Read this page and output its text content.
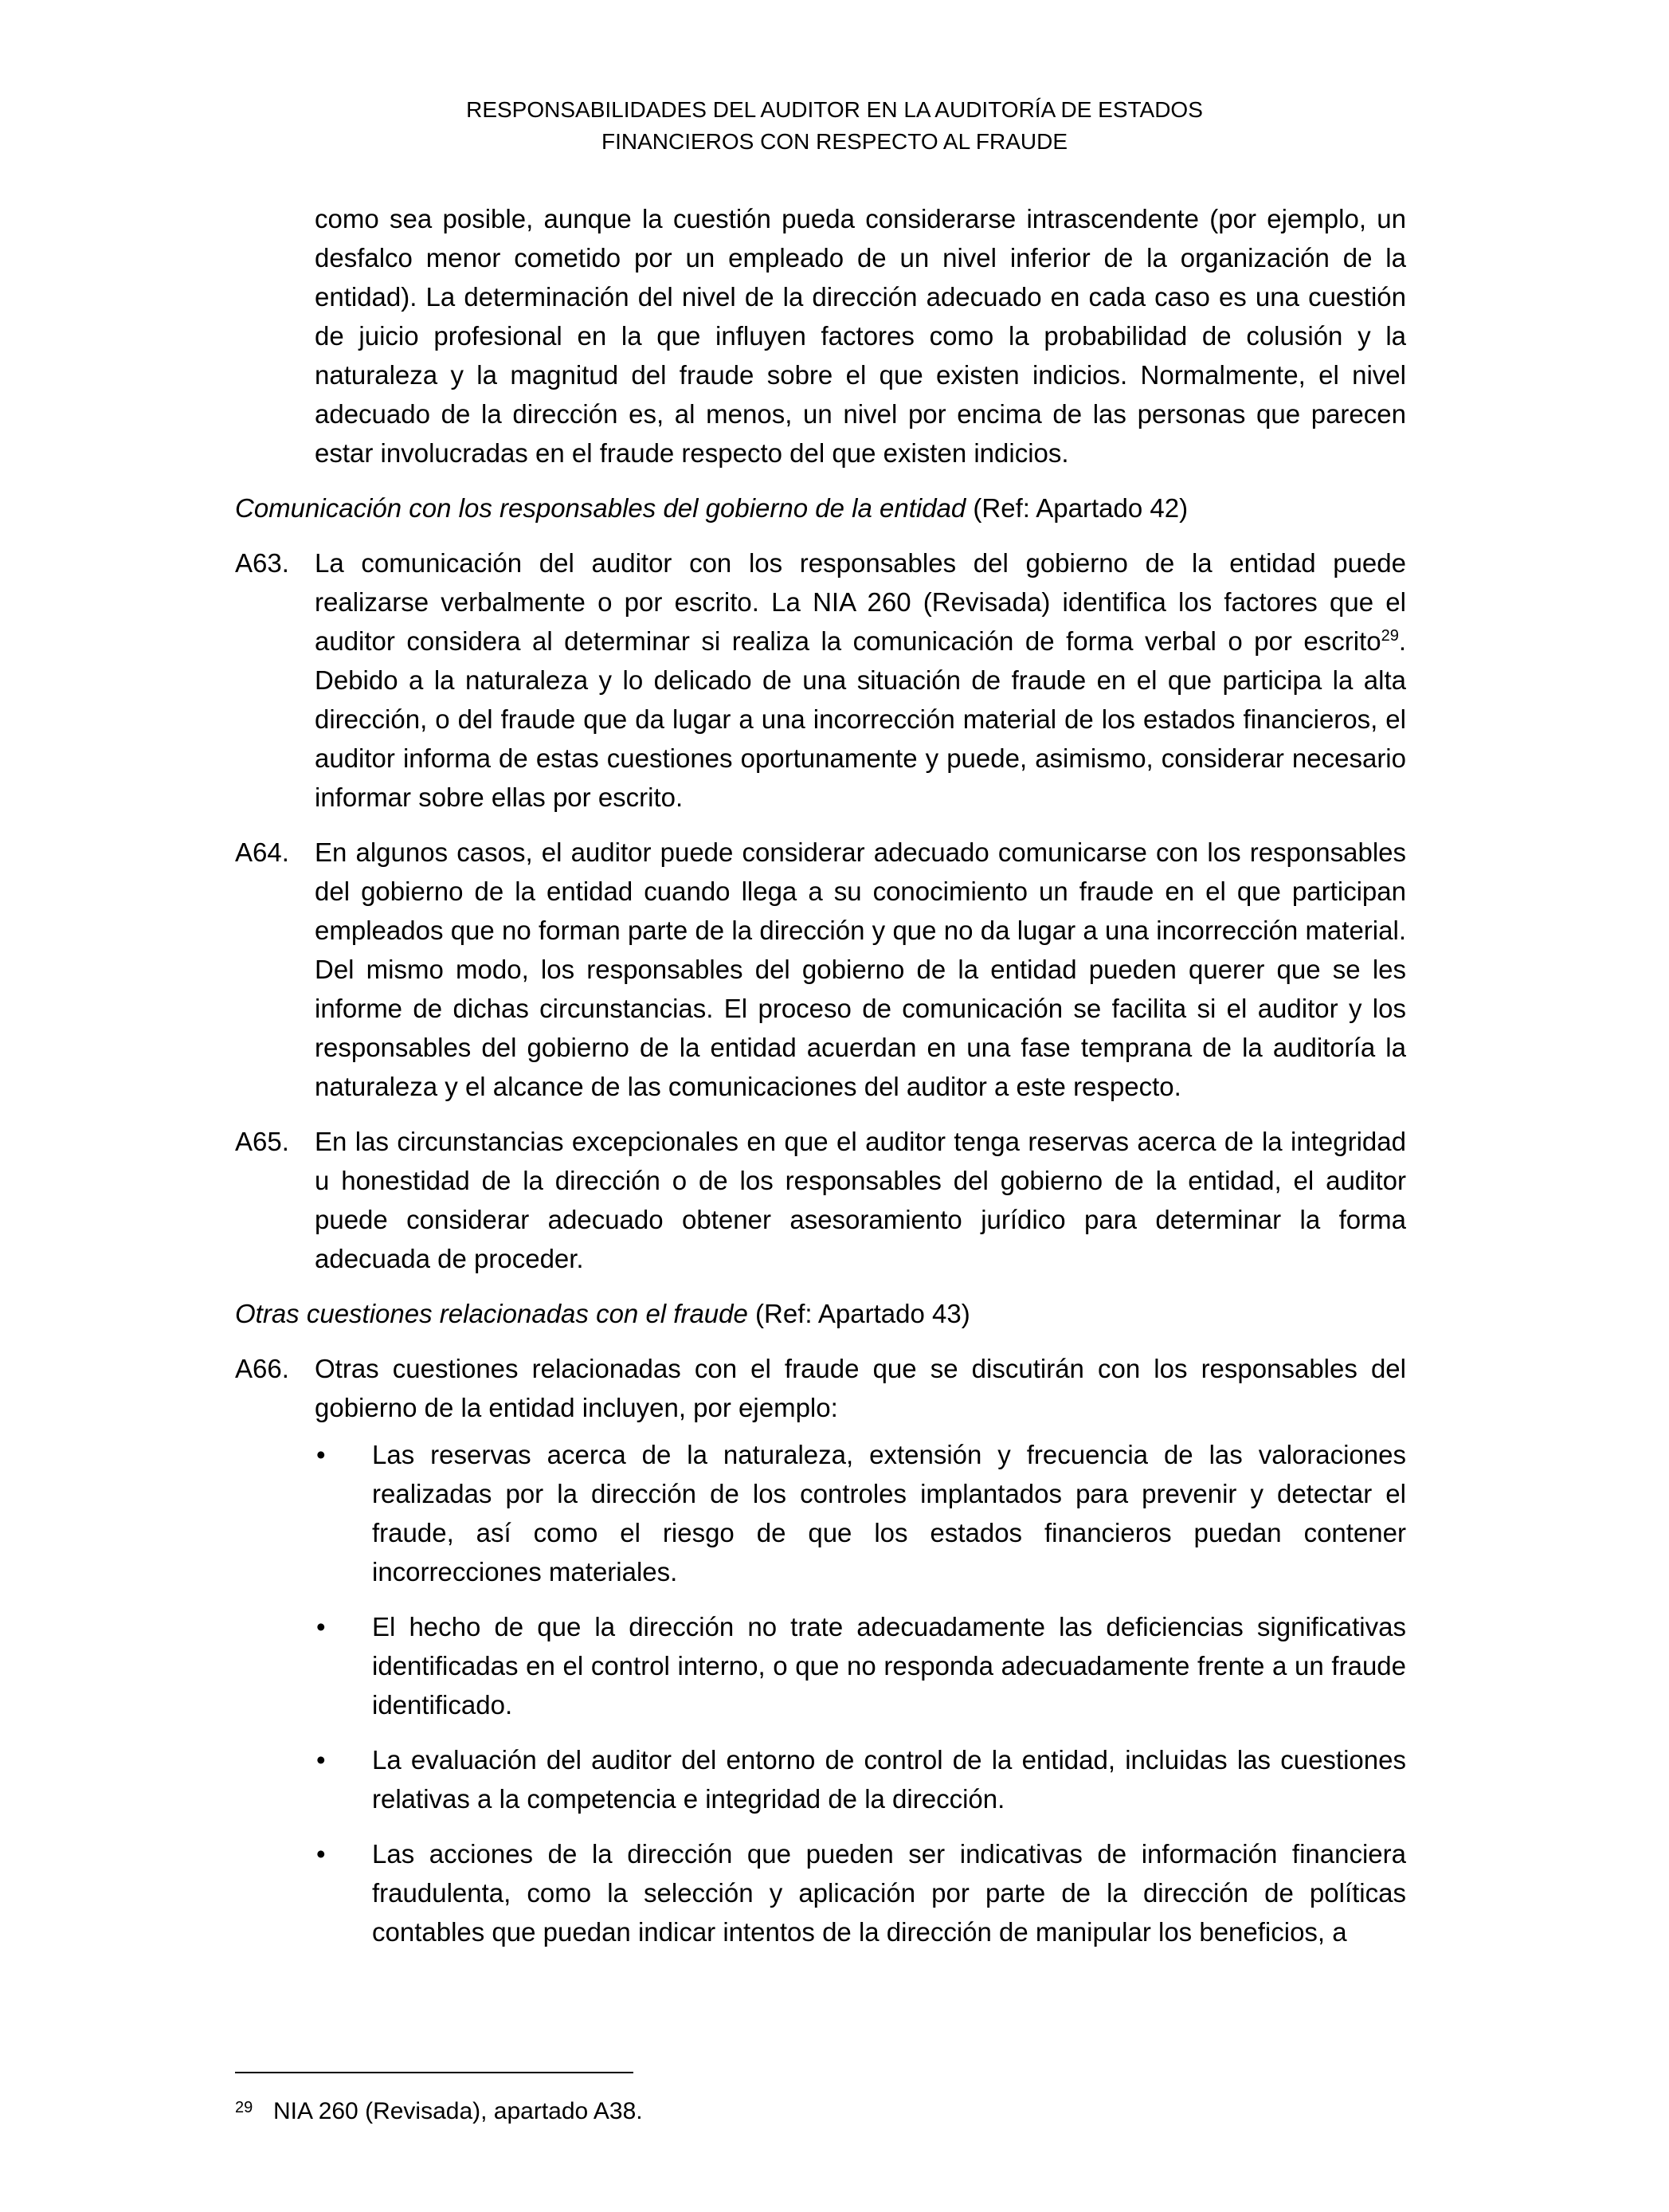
RESPONSABILIDADES DEL AUDITOR EN LA AUDITORÍA DE ESTADOS
FINANCIEROS CON RESPECTO AL FRAUDE

como sea posible, aunque la cuestión pueda considerarse intrascendente (por ejemplo, un desfalco menor cometido por un empleado de un nivel inferior de la organización de la entidad). La determinación del nivel de la dirección adecuado en cada caso es una cuestión de juicio profesional en la que influyen factores como la probabilidad de colusión y la naturaleza y la magnitud del fraude sobre el que existen indicios. Normalmente, el nivel adecuado de la dirección es, al menos, un nivel por encima de las personas que parecen estar involucradas en el fraude respecto del que existen indicios.

Comunicación con los responsables del gobierno de la entidad (Ref: Apartado 42)

A63. La comunicación del auditor con los responsables del gobierno de la entidad puede realizarse verbalmente o por escrito. La NIA 260 (Revisada) identifica los factores que el auditor considera al determinar si realiza la comunicación de forma verbal o por escrito$^{29}$. Debido a la naturaleza y lo delicado de una situación de fraude en el que participa la alta dirección, o del fraude que da lugar a una incorrección material de los estados financieros, el auditor informa de estas cuestiones oportunamente y puede, asimismo, considerar necesario informar sobre ellas por escrito.
A64. En algunos casos, el auditor puede considerar adecuado comunicarse con los responsables del gobierno de la entidad cuando llega a su conocimiento un fraude en el que participan empleados que no forman parte de la dirección y que no da lugar a una incorrección material. Del mismo modo, los responsables del gobierno de la entidad pueden querer que se les informe de dichas circunstancias. El proceso de comunicación se facilita si el auditor y los responsables del gobierno de la entidad acuerdan en una fase temprana de la auditoría la naturaleza y el alcance de las comunicaciones del auditor a este respecto.
A65. En las circunstancias excepcionales en que el auditor tenga reservas acerca de la integridad u honestidad de la dirección o de los responsables del gobierno de la entidad, el auditor puede considerar adecuado obtener asesoramiento jurídico para determinar la forma adecuada de proceder.

Otras cuestiones relacionadas con el fraude (Ref: Apartado 43)

A66. Otras cuestiones relacionadas con el fraude que se discutirán con los responsables del gobierno de la entidad incluyen, por ejemplo:
•	Las reservas acerca de la naturaleza, extensión y frecuencia de las valoraciones realizadas por la dirección de los controles implantados para prevenir y detectar el fraude, así como el riesgo de que los estados financieros puedan contener incorrecciones materiales.
•	El hecho de que la dirección no trate adecuadamente las deficiencias significativas identificadas en el control interno, o que no responda adecuadamente frente a un fraude identificado.
•	La evaluación del auditor del entorno de control de la entidad, incluidas las cuestiones relativas a la competencia e integridad de la dirección.
•	Las acciones de la dirección que pueden ser indicativas de información financiera fraudulenta, como la selección y aplicación por parte de la dirección de políticas contables que puedan indicar intentos de la dirección de manipular los beneficios, a
29 NIA 260 (Revisada), apartado A38.
